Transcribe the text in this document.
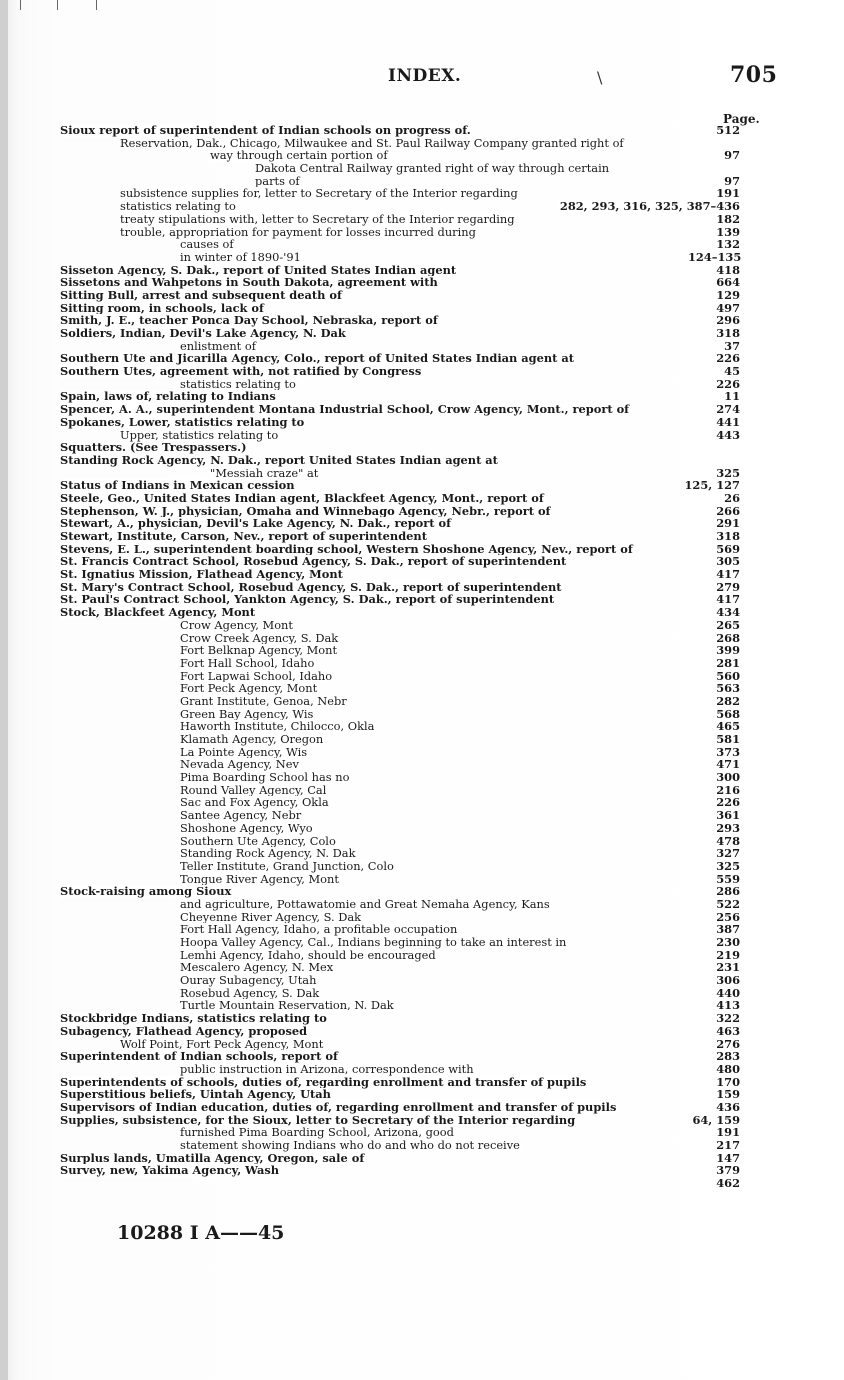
INDEX.	\	705
Page.
Sioux report of superintendent of Indian schools on progress of.	512
Reservation, Dak., Chicago, Milwaukee and St. Paul Railway Company granted right of
way through certain portion of	97
Dakota Central Railway granted right of way through certain
parts of	97
subsistence supplies for, letter to Secretary of the Interior regarding	191
statistics relating to	282, 293, 316, 325, 387–436
treaty stipulations with, letter to Secretary of the Interior regarding	182
trouble, appropriation for payment for losses incurred during	139
causes of	132
in winter of 1890-'91	124–135
Sisseton Agency, S. Dak., report of United States Indian agent	418
Sissetons and Wahpetons in South Dakota, agreement with	664
Sitting Bull, arrest and subsequent death of	129
Sitting room, in schools, lack of	497
Smith, J. E., teacher Ponca Day School, Nebraska, report of	296
Soldiers, Indian, Devil's Lake Agency, N. Dak	318
enlistment of	37
Southern Ute and Jicarilla Agency, Colo., report of United States Indian agent at	226
Southern Utes, agreement with, not ratified by Congress	45
statistics relating to	226
Spain, laws of, relating to Indians	11
Spencer, A. A., superintendent Montana Industrial School, Crow Agency, Mont., report of	274
Spokanes, Lower, statistics relating to	441
Upper, statistics relating to	443
Squatters. (See Trespassers.)
Standing Rock Agency, N. Dak., report United States Indian agent at
"Messiah craze" at	325
Status of Indians in Mexican cession	125, 127
Steele, Geo., United States Indian agent, Blackfeet Agency, Mont., report of	26
Stephenson, W. J., physician, Omaha and Winnebago Agency, Nebr., report of	266
Stewart, A., physician, Devil's Lake Agency, N. Dak., report of	291
Stewart, Institute, Carson, Nev., report of superintendent	318
Stevens, E. L., superintendent boarding school, Western Shoshone Agency, Nev., report of	569
St. Francis Contract School, Rosebud Agency, S. Dak., report of superintendent	305
St. Ignatius Mission, Flathead Agency, Mont	417
St. Mary's Contract School, Rosebud Agency, S. Dak., report of superintendent	279
St. Paul's Contract School, Yankton Agency, S. Dak., report of superintendent	417
Stock, Blackfeet Agency, Mont	434
Crow Agency, Mont	265
Crow Creek Agency, S. Dak	268
Fort Belknap Agency, Mont	399
Fort Hall School, Idaho	281
Fort Lapwai School, Idaho	560
Fort Peck Agency, Mont	563
Grant Institute, Genoa, Nebr	282
Green Bay Agency, Wis	568
Haworth Institute, Chilocco, Okla	465
Klamath Agency, Oregon	581
La Pointe Agency, Wis	373
Nevada Agency, Nev	471
Pima Boarding School has no	300
Round Valley Agency, Cal	216
Sac and Fox Agency, Okla	226
Santee Agency, Nebr	361
Shoshone Agency, Wyo	293
Southern Ute Agency, Colo	478
Standing Rock Agency, N. Dak	327
Teller Institute, Grand Junction, Colo	325
Tongue River Agency, Mont	559
Stock-raising among Sioux	286
and agriculture, Pottawatomie and Great Nemaha Agency, Kans	522
Cheyenne River Agency, S. Dak	256
Fort Hall Agency, Idaho, a profitable occupation	387
Hoopa Valley Agency, Cal., Indians beginning to take an interest in	230
Lemhi Agency, Idaho, should be encouraged	219
Mescalero Agency, N. Mex	231
Ouray Subagency, Utah	306
Rosebud Agency, S. Dak	440
Turtle Mountain Reservation, N. Dak	413
Stockbridge Indians, statistics relating to	322
Subagency, Flathead Agency, proposed	463
Wolf Point, Fort Peck Agency, Mont	276
Superintendent of Indian schools, report of	283
public instruction in Arizona, correspondence with	480
Superintendents of schools, duties of, regarding enrollment and transfer of pupils	170
Superstitious beliefs, Uintah Agency, Utah	159
Supervisors of Indian education, duties of, regarding enrollment and transfer of pupils	436
Supplies, subsistence, for the Sioux, letter to Secretary of the Interior regarding	64, 159
furnished Pima Boarding School, Arizona, good	191
statement showing Indians who do and who do not receive	217
Surplus lands, Umatilla Agency, Oregon, sale of	147
Survey, new, Yakima Agency, Wash	379
462
10288 I A——45
